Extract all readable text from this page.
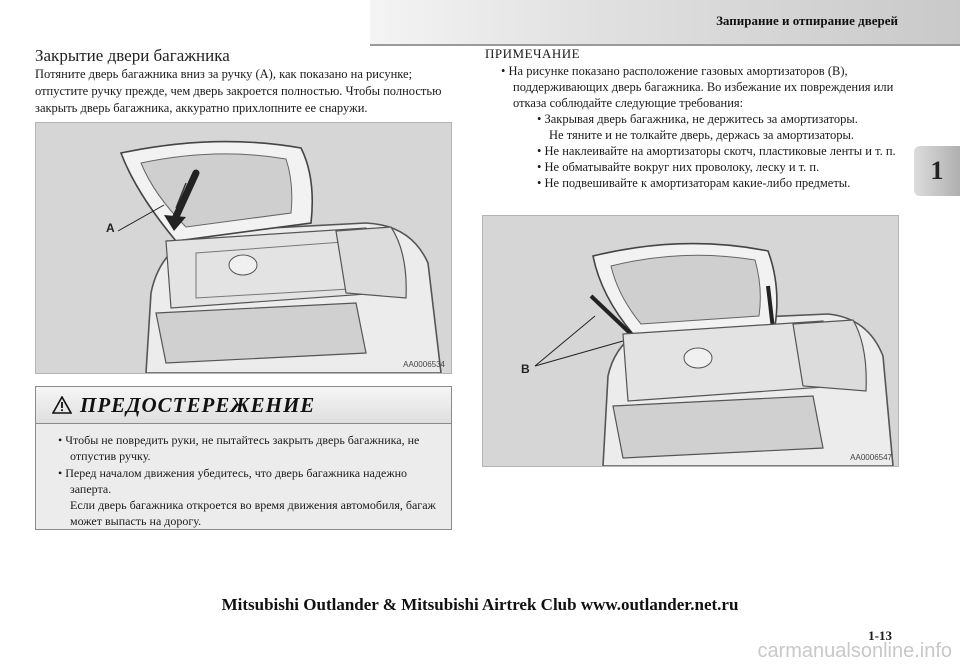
Запирание и отпирание дверей
1
Закрытие двери багажника

Потяните дверь багажника вниз за ручку (A), как показано на рисунке; отпустите ручку прежде, чем дверь закроется полностью. Чтобы полностью закрыть дверь багажника, аккуратно прихлопните ее снаружи.

A
AA0006534
ПРЕДОСТЕРЕЖЕНИЕ
• Чтобы не повредить руки, не пытайтесь закрыть дверь багажника, не отпустив ручку.
• Перед началом движения убедитесь, что дверь багажника надежно заперта.
Если дверь багажника откроется во время движения автомобиля, багаж может выпасть на дорогу.
ПРИМЕЧАНИЕ
• На рисунке показано расположение газовых амортизаторов (B), поддерживающих дверь багажника. Во избежание их повреждения или отказа соблюдайте следующие требования:
• Закрывая дверь багажника, не держитесь за амортизаторы.
Не тяните и не толкайте дверь, держась за амортизаторы.
• Не наклеивайте на амортизаторы скотч, пластиковые ленты и т. п.
• Не обматывайте вокруг них проволоку, леску и т. п.
• Не подвешивайте к амортизаторам какие-либо предметы.
B
AA0006547
Mitsubishi Outlander & Mitsubishi Airtrek Club www.outlander.net.ru
1-13
carmanualsonline.info
